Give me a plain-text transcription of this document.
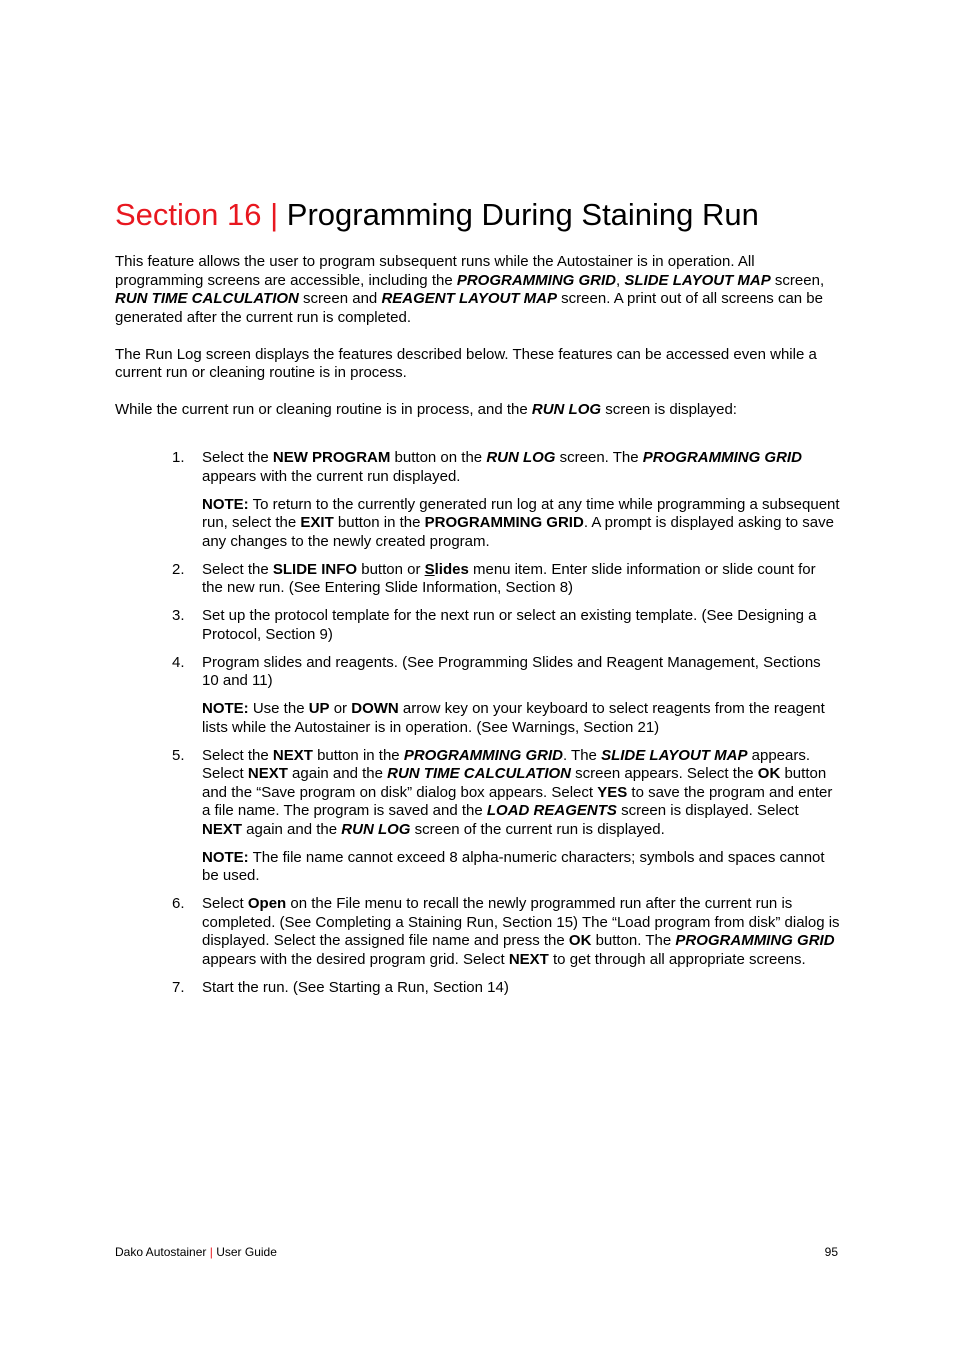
Section 16 | Programming During Staining Run

This feature allows the user to program subsequent runs while the Autostainer is in operation. All programming screens are accessible, including the PROGRAMMING GRID, SLIDE LAYOUT MAP screen, RUN TIME CALCULATION screen and REAGENT LAYOUT MAP screen. A print out of all screens can be generated after the current run is completed.

The Run Log screen displays the features described below. These features can be accessed even while a current run or cleaning routine is in process.

While the current run or cleaning routine is in process, and the RUN LOG screen is displayed:

1. Select the NEW PROGRAM button on the RUN LOG screen. The PROGRAMMING GRID appears with the current run displayed.

NOTE: To return to the currently generated run log at any time while programming a subsequent run, select the EXIT button in the PROGRAMMING GRID. A prompt is displayed asking to save any changes to the newly created program.

2. Select the SLIDE INFO button or Slides menu item. Enter slide information or slide count for the new run. (See Entering Slide Information, Section 8)

3. Set up the protocol template for the next run or select an existing template. (See Designing a Protocol, Section 9)

4. Program slides and reagents. (See Programming Slides and Reagent Management, Sections 10 and 11)

NOTE: Use the UP or DOWN arrow key on your keyboard to select reagents from the reagent lists while the Autostainer is in operation. (See Warnings, Section 21)

5. Select the NEXT button in the PROGRAMMING GRID. The SLIDE LAYOUT MAP appears. Select NEXT again and the RUN TIME CALCULATION screen appears. Select the OK button and the “Save program on disk” dialog box appears. Select YES to save the program and enter a file name. The program is saved and the LOAD REAGENTS screen is displayed. Select NEXT again and the RUN LOG screen of the current run is displayed.

NOTE: The file name cannot exceed 8 alpha-numeric characters; symbols and spaces cannot be used.

6. Select Open on the File menu to recall the newly programmed run after the current run is completed. (See Completing a Staining Run, Section 15) The “Load program from disk” dialog is displayed. Select the assigned file name and press the OK button. The PROGRAMMING GRID appears with the desired program grid. Select NEXT to get through all appropriate screens.

7. Start the run. (See Starting a Run, Section 14)

Dako Autostainer | User Guide	95
